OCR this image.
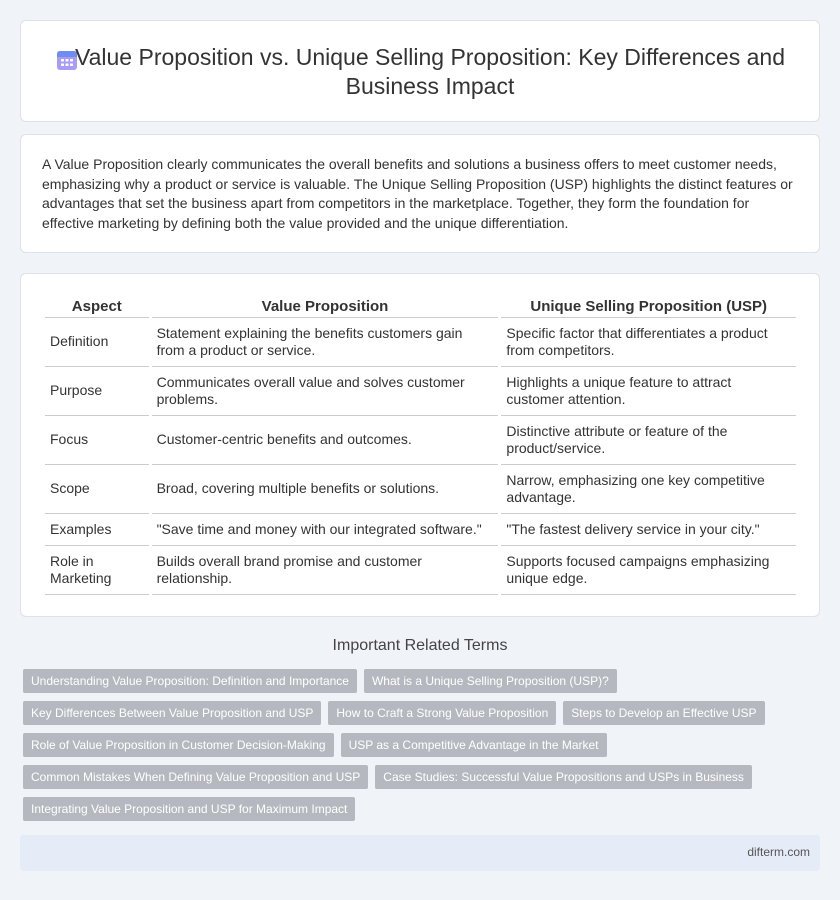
Value Proposition vs. Unique Selling Proposition: Key Differences and Business Impact

A Value Proposition clearly communicates the overall benefits and solutions a business offers to meet customer needs, emphasizing why a product or service is valuable. The Unique Selling Proposition (USP) highlights the distinct features or advantages that set the business apart from competitors in the marketplace. Together, they form the foundation for effective marketing by defining both the value provided and the unique differentiation.

Aspect	Value Proposition	Unique Selling Proposition (USP)
Definition	Statement explaining the benefits customers gain from a product or service.	Specific factor that differentiates a product from competitors.
Purpose	Communicates overall value and solves customer problems.	Highlights a unique feature to attract customer attention.
Focus	Customer-centric benefits and outcomes.	Distinctive attribute or feature of the product/service.
Scope	Broad, covering multiple benefits or solutions.	Narrow, emphasizing one key competitive advantage.
Examples	"Save time and money with our integrated software."	"The fastest delivery service in your city."
Role in Marketing	Builds overall brand promise and customer relationship.	Supports focused campaigns emphasizing unique edge.
Important Related Terms
Understanding Value Proposition: Definition and Importance	What is a Unique Selling Proposition (USP)?
Key Differences Between Value Proposition and USP	How to Craft a Strong Value Proposition	Steps to Develop an Effective USP
Role of Value Proposition in Customer Decision-Making	USP as a Competitive Advantage in the Market
Common Mistakes When Defining Value Proposition and USP	Case Studies: Successful Value Propositions and USPs in Business
Integrating Value Proposition and USP for Maximum Impact
difterm.com
